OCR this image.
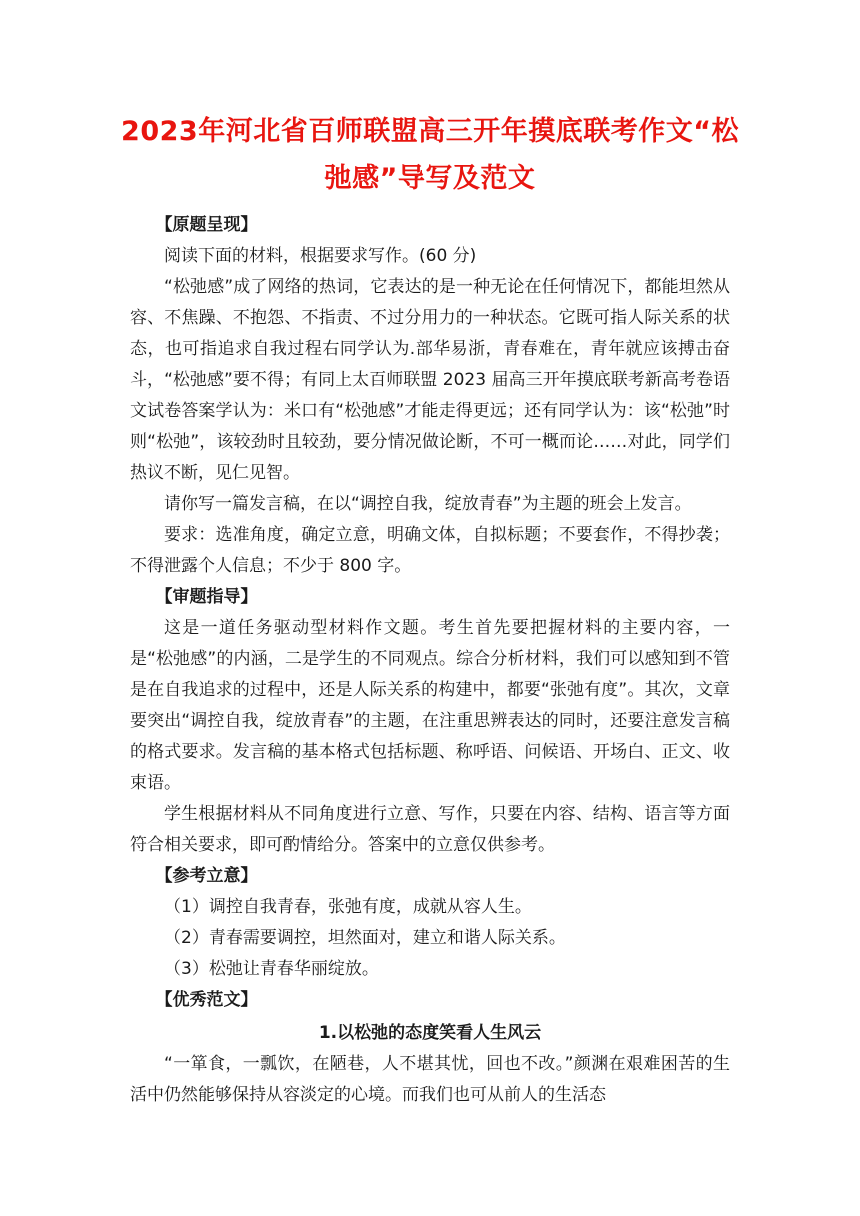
2023年河北省百师联盟高三开年摸底联考作文“松弛感”导写及范文

【原题呈现】

阅读下面的材料，根据要求写作。(60 分)

“松弛感”成了网络的热词，它表达的是一种无论在任何情况下，都能坦然从容、不焦躁、不抱怨、不指责、不过分用力的一种状态。它既可指人际关系的状态，也可指追求自我过程右同学认为.部华易浙，青春难在，青年就应该搏击奋斗，“松弛感”要不得；有同上太百师联盟 2023 届高三开年摸底联考新高考卷语文试卷答案学认为：米口有“松弛感”才能走得更远；还有同学认为：该“松弛”时则“松弛”，该较劲时且较劲，要分情况做论断，不可一概而论……对此，同学们热议不断，见仁见智。

请你写一篇发言稿，在以“调控自我，绽放青春”为主题的班会上发言。

要求：选准角度，确定立意，明确文体，自拟标题；不要套作，不得抄袭；不得泄露个人信息；不少于 800 字。

【审题指导】

这是一道任务驱动型材料作文题。考生首先要把握材料的主要内容，一是“松弛感”的内涵，二是学生的不同观点。综合分析材料，我们可以感知到不管是在自我追求的过程中，还是人际关系的构建中，都要“张弛有度”。其次，文章要突出“调控自我，绽放青春”的主题，在注重思辨表达的同时，还要注意发言稿的格式要求。发言稿的基本格式包括标题、称呼语、问候语、开场白、正文、收束语。

学生根据材料从不同角度进行立意、写作，只要在内容、结构、语言等方面符合相关要求，即可酌情给分。答案中的立意仅供参考。

【参考立意】

（1）调控自我青春，张弛有度，成就从容人生。

（2）青春需要调控，坦然面对，建立和谐人际关系。

（3）松弛让青春华丽绽放。

【优秀范文】

1.以松弛的态度笑看人生风云

“一箪食，一瓢饮，在陋巷，人不堪其忧，回也不改。”颜渊在艰难困苦的生活中仍然能够保持从容淡定的心境。而我们也可从前人的生活态
